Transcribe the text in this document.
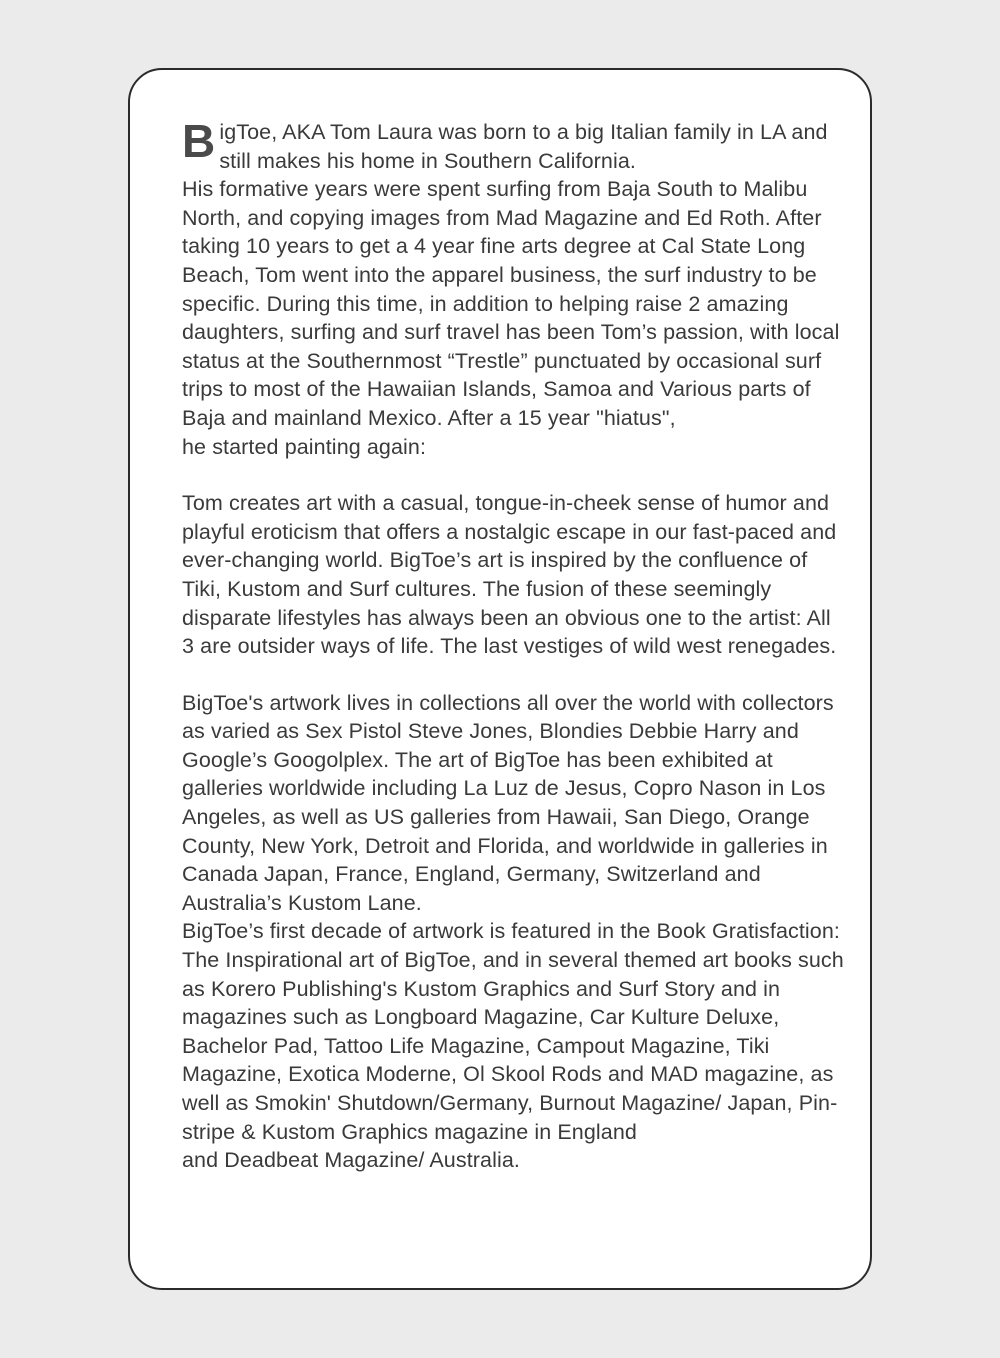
BigToe, AKA Tom Laura was born to a big Italian family in LA and still makes his home in Southern California.
His formative years were spent surfing from Baja South to Malibu North, and copying images from Mad Magazine and Ed Roth. After taking 10 years to get a 4 year fine arts degree at Cal State Long Beach, Tom went into the apparel business, the surf industry to be specific. During this time, in addition to helping raise 2 amazing daughters, surfing and surf travel has been Tom’s passion, with local status at the Southernmost “Trestle” punctuated by occasional surf trips to most of the Hawaiian Islands, Samoa and Various parts of Baja and mainland Mexico. After a 15 year "hiatus",
he started painting again:

Tom creates art with a casual, tongue-in-cheek sense of humor and playful eroticism that offers a nostalgic escape in our fast-paced and ever-changing world. BigToe’s art is inspired by the confluence of Tiki, Kustom and Surf cultures. The fusion of these seemingly disparate lifestyles has always been an obvious one to the artist: All 3 are outsider ways of life. The last vestiges of wild west renegades.

BigToe's artwork lives in collections all over the world with collectors as varied as Sex Pistol Steve Jones, Blondies Debbie Harry and Google’s Googolplex. The art of BigToe has been exhibited at galleries worldwide including La Luz de Jesus, Copro Nason in Los Angeles, as well as US galleries from Hawaii, San Diego, Orange County, New York, Detroit and Florida, and worldwide in galleries in Canada Japan, France, England, Germany, Switzerland and Australia’s Kustom Lane.
BigToe’s first decade of artwork is featured in the Book Gratisfaction: The Inspirational art of BigToe, and in several themed art books such as Korero Publishing's Kustom Graphics and Surf Story and in magazines such as Longboard Magazine, Car Kulture Deluxe, Bachelor Pad, Tattoo Life Magazine, Campout Magazine, Tiki Magazine, Exotica Moderne, Ol Skool Rods and MAD magazine, as well as Smokin' Shutdown/Germany, Burnout Magazine/ Japan, Pin-stripe & Kustom Graphics magazine in England
and Deadbeat Magazine/ Australia.
